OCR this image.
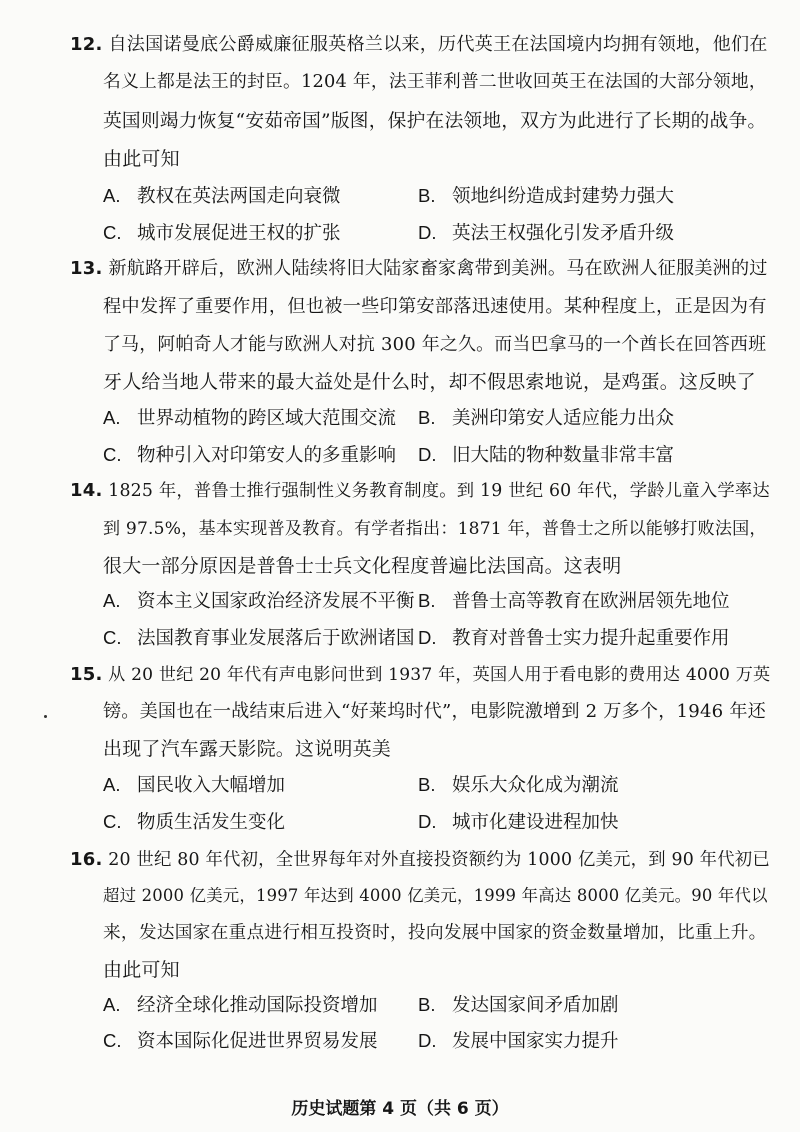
12. 自法国诺曼底公爵威廉征服英格兰以来，历代英王在法国境内均拥有领地，他们在
名义上都是法王的封臣。1204 年，法王菲利普二世收回英王在法国的大部分领地，
英国则竭力恢复“安茹帝国”版图，保护在法领地，双方为此进行了长期的战争。
由此可知
A. 教权在英法两国走向衰微	B. 领地纠纷造成封建势力强大
C. 城市发展促进王权的扩张	D. 英法王权强化引发矛盾升级
13. 新航路开辟后，欧洲人陆续将旧大陆家畜家禽带到美洲。马在欧洲人征服美洲的过
程中发挥了重要作用，但也被一些印第安部落迅速使用。某种程度上，正是因为有
了马，阿帕奇人才能与欧洲人对抗 300 年之久。而当巴拿马的一个酋长在回答西班
牙人给当地人带来的最大益处是什么时，却不假思索地说，是鸡蛋。这反映了
A. 世界动植物的跨区域大范围交流 B. 美洲印第安人适应能力出众
C. 物种引入对印第安人的多重影响 D. 旧大陆的物种数量非常丰富
14. 1825 年，普鲁士推行强制性义务教育制度。到 19 世纪 60 年代，学龄儿童入学率达
到 97.5%，基本实现普及教育。有学者指出：1871 年，普鲁士之所以能够打败法国，
很大一部分原因是普鲁士士兵文化程度普遍比法国高。这表明
A. 资本主义国家政治经济发展不平衡 B. 普鲁士高等教育在欧洲居领先地位
C. 法国教育事业发展落后于欧洲诸国 D. 教育对普鲁士实力提升起重要作用
15. 从 20 世纪 20 年代有声电影问世到 1937 年，英国人用于看电影的费用达 4000 万英
镑。美国也在一战结束后进入“好莱坞时代”，电影院激增到 2 万多个，1946 年还
出现了汽车露天影院。这说明英美
A. 国民收入大幅增加	B. 娱乐大众化成为潮流
C. 物质生活发生变化	D. 城市化建设进程加快
16. 20 世纪 80 年代初，全世界每年对外直接投资额约为 1000 亿美元，到 90 年代初已
超过 2000 亿美元，1997 年达到 4000 亿美元，1999 年高达 8000 亿美元。90 年代以
来，发达国家在重点进行相互投资时，投向发展中国家的资金数量增加，比重上升。
由此可知
A. 经济全球化推动国际投资增加 B. 发达国家间矛盾加剧
C. 资本国际化促进世界贸易发展 D. 发展中国家实力提升
历史试题第 4 页（共 6 页）
